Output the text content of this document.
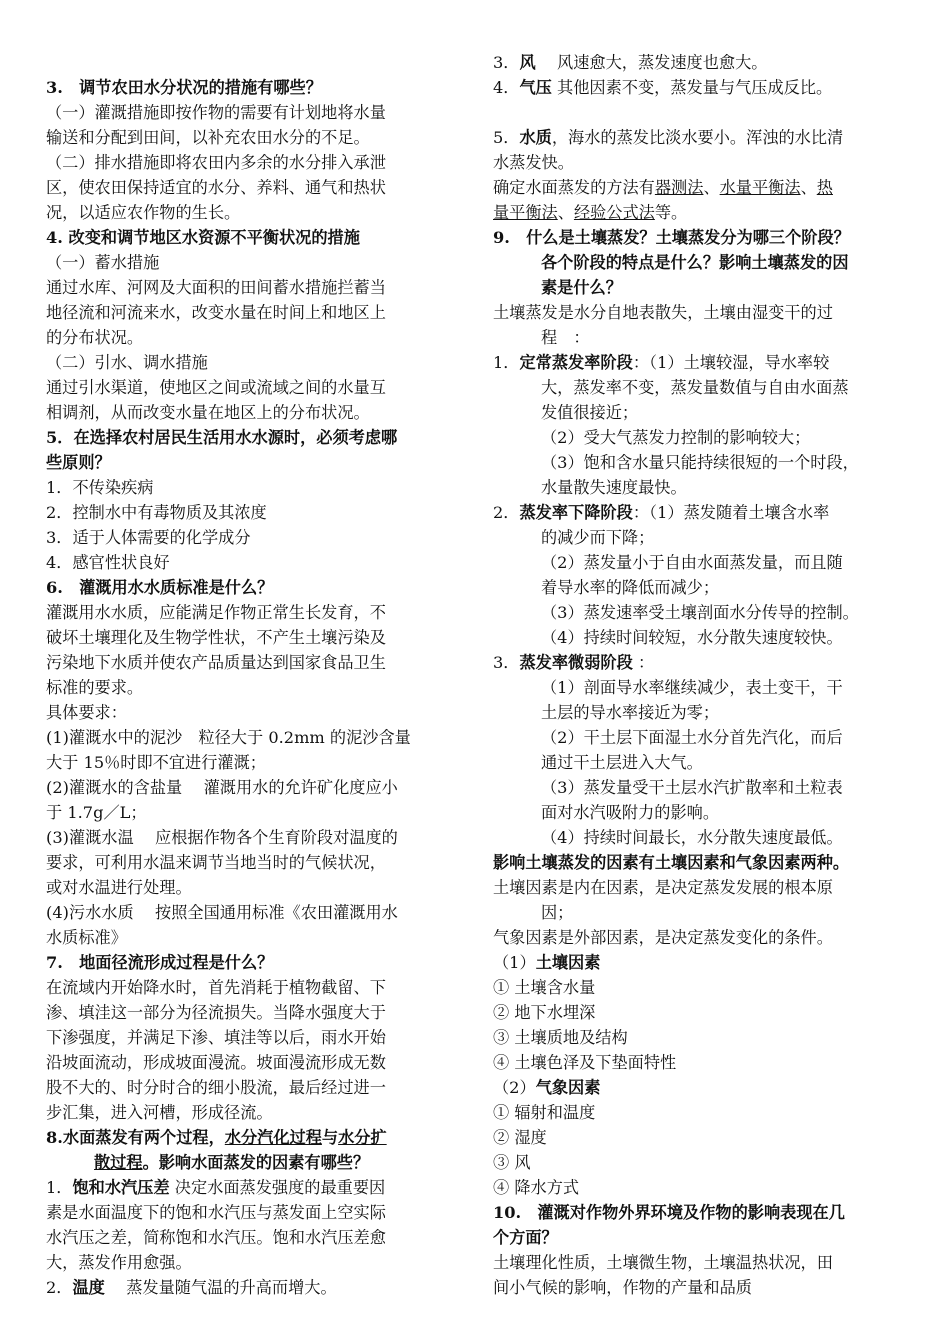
3.　调节农田水分状况的措施有哪些？
（一）灌溉措施即按作物的需要有计划地将水量
输送和分配到田间，以补充农田水分的不足。
（二）排水措施即将农田内多余的水分排入承泄
区，使农田保持适宜的水分、养料、通气和热状
况，以适应农作物的生长。
4. 改变和调节地区水资源不平衡状况的措施
（一）蓄水措施
通过水库、河网及大面积的田间蓄水措施拦蓄当
地径流和河流来水，改变水量在时间上和地区上
的分布状况。
（二）引水、调水措施
通过引水渠道，使地区之间或流域之间的水量互
相调剂，从而改变水量在地区上的分布状况。
5．在选择农村居民生活用水水源时，必须考虑哪
些原则？
1．不传染疾病
2．控制水中有毒物质及其浓度
3．适于人体需要的化学成分
4．感官性状良好
6.　灌溉用水水质标准是什么？
灌溉用水水质，应能满足作物正常生长发育，不
破坏土壤理化及生物学性状，不产生土壤污染及
污染地下水质并使农产品质量达到国家食品卫生
标准的要求。
具体要求：
(1)灌溉水中的泥沙　粒径大于 0.2mm 的泥沙含量
大于 15％时即不宜进行灌溉；
(2)灌溉水的含盐量　 灌溉用水的允许矿化度应小
于 1.7g／L；
(3)灌溉水温　 应根据作物各个生育阶段对温度的
要求，可利用水温来调节当地当时的气候状况，
或对水温进行处理。
(4)污水水质　 按照全国通用标准《农田灌溉用水
水质标准》
7.　地面径流形成过程是什么？
在流域内开始降水时，首先消耗于植物截留、下
渗、填洼这一部分为径流损失。当降水强度大于
下渗强度，并满足下渗、填洼等以后，雨水开始
沿坡面流动，形成坡面漫流。坡面漫流形成无数
股不大的、时分时合的细小股流，最后经过进一
步汇集，进入河槽，形成径流。
8.水面蒸发有两个过程，水分汽化过程与水分扩
散过程。影响水面蒸发的因素有哪些？
1．饱和水汽压差 决定水面蒸发强度的最重要因
素是水面温度下的饱和水汽压与蒸发面上空实际
水汽压之差，简称饱和水汽压。饱和水汽压差愈
大，蒸发作用愈强。
2．温度　 蒸发量随气温的升高而增大。
3．风　 风速愈大，蒸发速度也愈大。
4．气压 其他因素不变，蒸发量与气压成反比。
5．水质，海水的蒸发比淡水要小。浑浊的水比清
水蒸发快。
确定水面蒸发的方法有器测法、水量平衡法、热
量平衡法、经验公式法等。
9.　什么是土壤蒸发？土壤蒸发分为哪三个阶段？
各个阶段的特点是什么？影响土壤蒸发的因
素是什么？
土壤蒸发是水分自地表散失，土壤由湿变干的过
程　：
1．定常蒸发率阶段：（1）土壤较湿，导水率较
大，蒸发率不变，蒸发量数值与自由水面蒸
发值很接近；
（2）受大气蒸发力控制的影响较大；
（3）饱和含水量只能持续很短的一个时段，
水量散失速度最快。
2．蒸发率下降阶段：（1）蒸发随着土壤含水率
的减少而下降；
（2）蒸发量小于自由水面蒸发量，而且随
着导水率的降低而减少；
（3）蒸发速率受土壤剖面水分传导的控制。
（4）持续时间较短，水分散失速度较快。
3．蒸发率微弱阶段 ：
（1）剖面导水率继续减少，表土变干，干
土层的导水率接近为零；
（2）干土层下面湿土水分首先汽化，而后
通过干土层进入大气。
（3）蒸发量受干土层水汽扩散率和土粒表
面对水汽吸附力的影响。
（4）持续时间最长，水分散失速度最低。
影响土壤蒸发的因素有土壤因素和气象因素两种。
土壤因素是内在因素，是决定蒸发发展的根本原
因；
气象因素是外部因素，是决定蒸发变化的条件。
（1）土壤因素
① 土壤含水量
② 地下水埋深
③ 土壤质地及结构
④ 土壤色泽及下垫面特性
（2）气象因素
① 辐射和温度
② 湿度
③ 风
④ 降水方式
10.　灌溉对作物外界环境及作物的影响表现在几
个方面？
土壤理化性质，土壤微生物，土壤温热状况，田
间小气候的影响，作物的产量和品质
